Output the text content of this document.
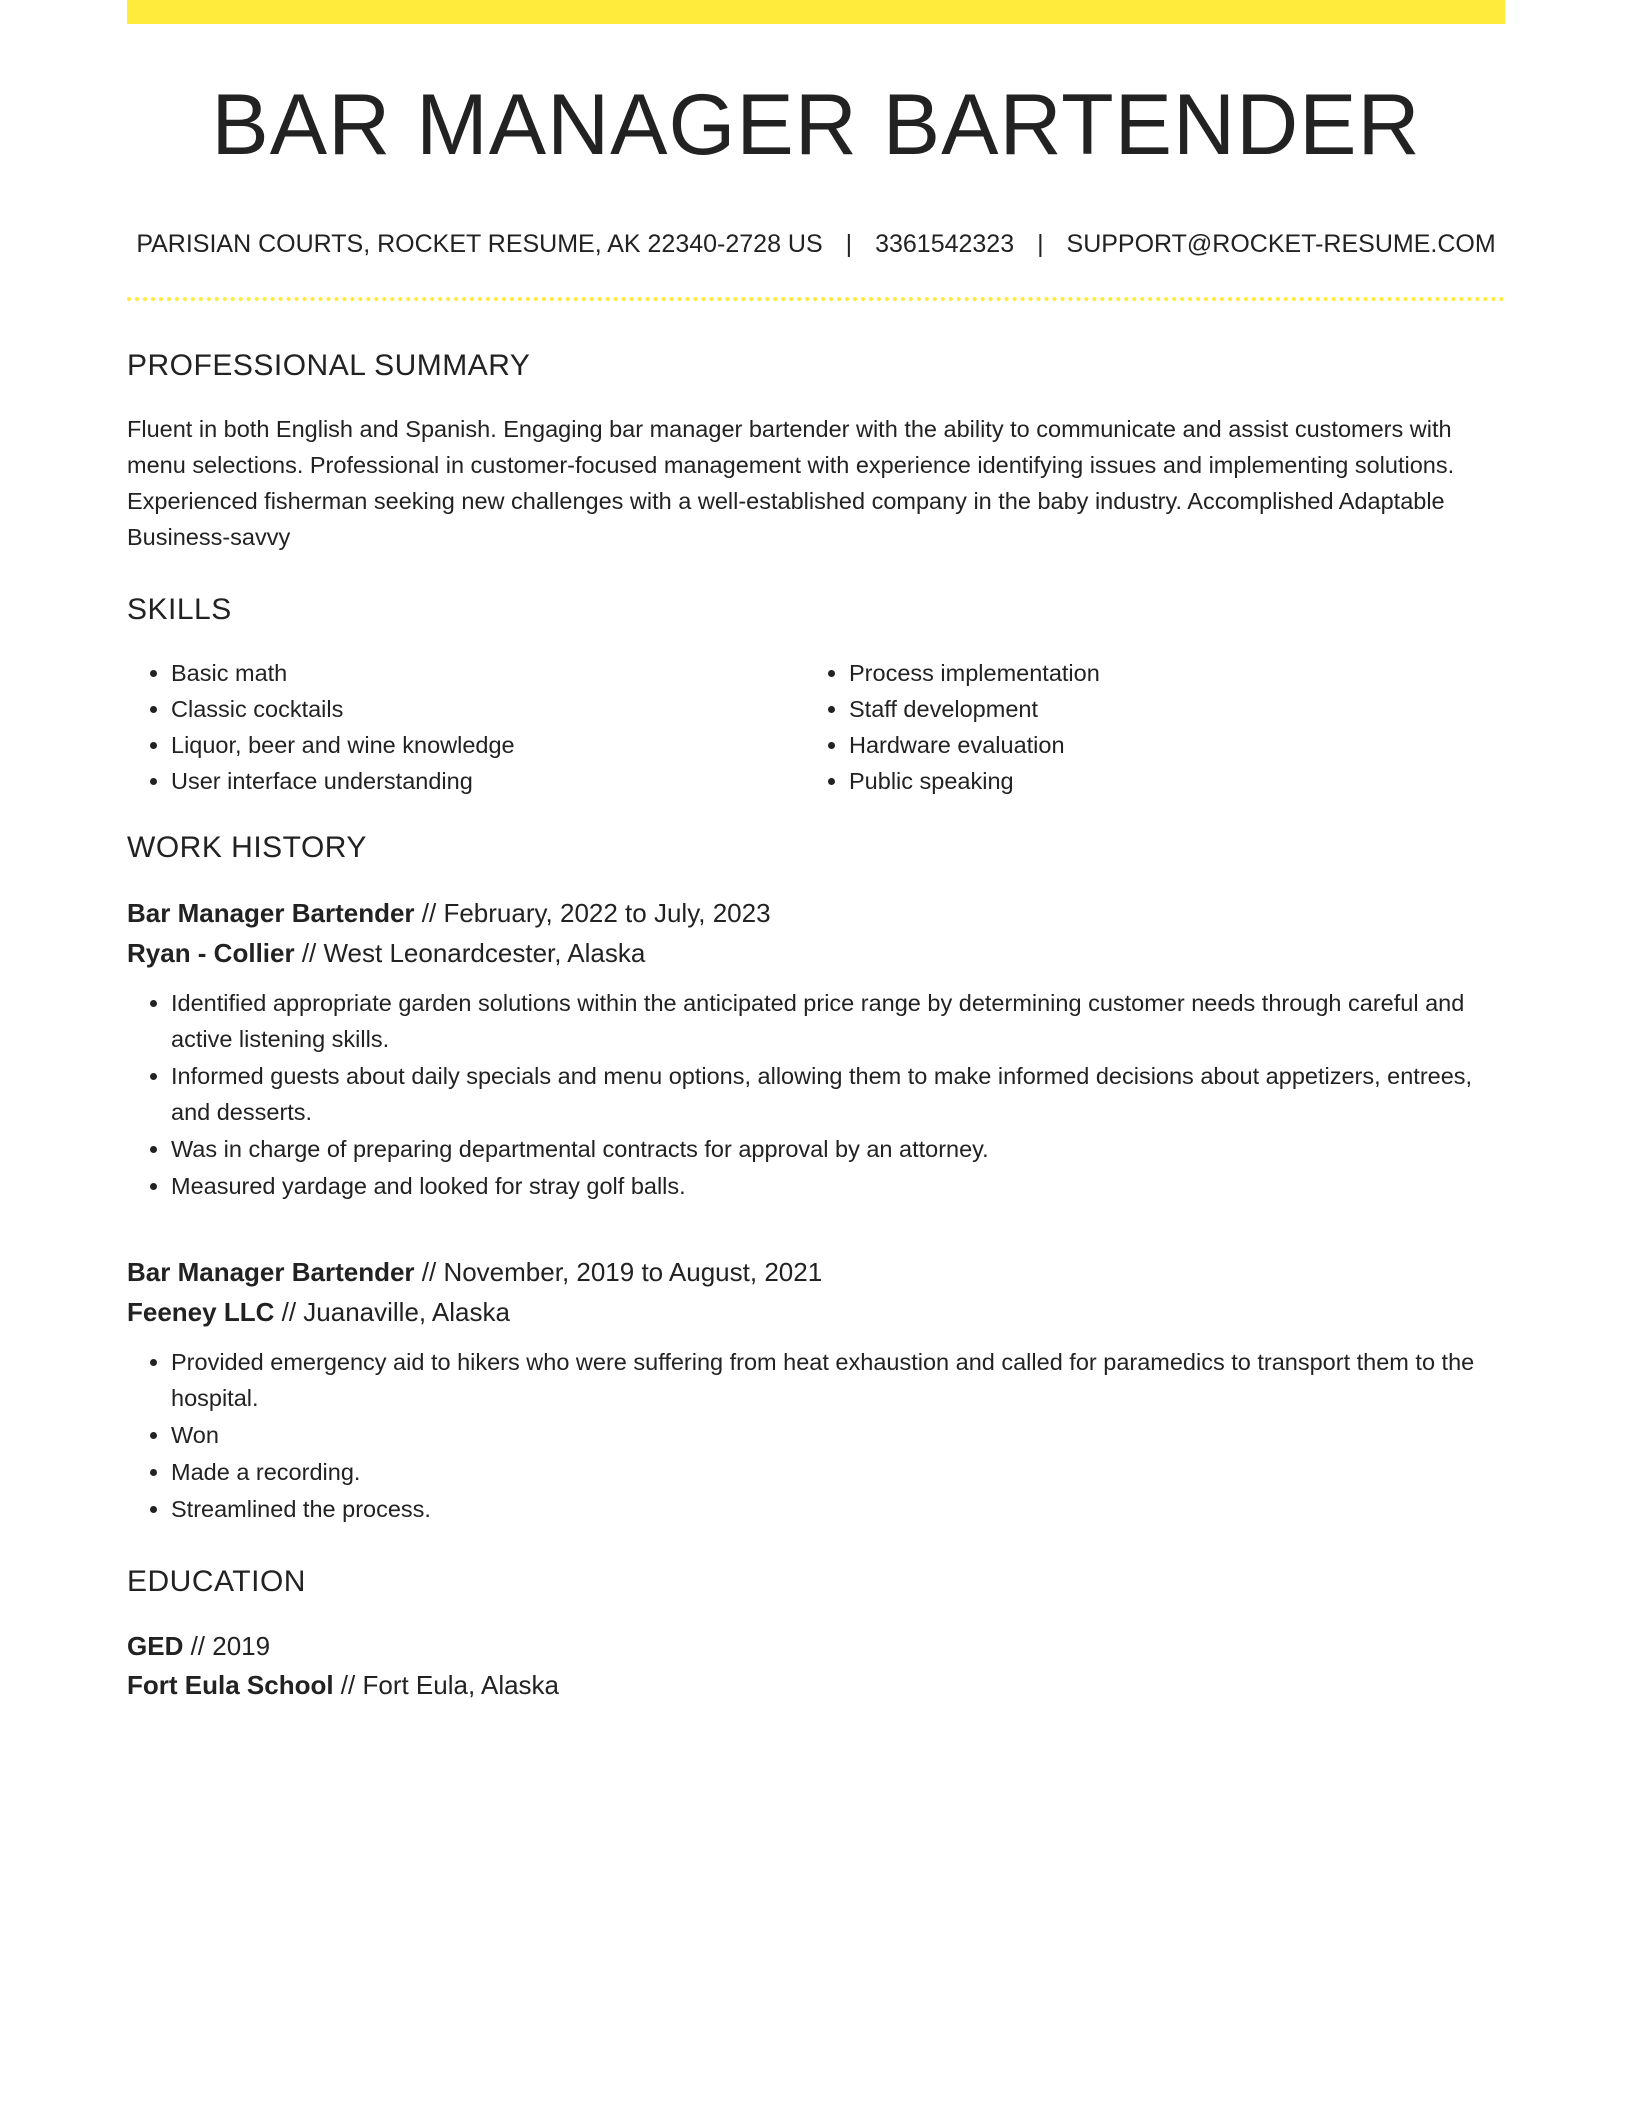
BAR MANAGER BARTENDER
PARISIAN COURTS, ROCKET RESUME, AK 22340-2728 US | 3361542323 | SUPPORT@ROCKET-RESUME.COM
PROFESSIONAL SUMMARY

Fluent in both English and Spanish. Engaging bar manager bartender with the ability to communicate and assist customers with menu selections. Professional in customer-focused management with experience identifying issues and implementing solutions. Experienced fisherman seeking new challenges with a well-established company in the baby industry. Accomplished Adaptable Business-savvy

SKILLS
• Basic math
• Classic cocktails
• Liquor, beer and wine knowledge
• User interface understanding
• Process implementation
• Staff development
• Hardware evaluation
• Public speaking
WORK HISTORY
Bar Manager Bartender // February, 2022 to July, 2023
Ryan - Collier // West Leonardcester, Alaska
• Identified appropriate garden solutions within the anticipated price range by determining customer needs through careful and active listening skills.
• Informed guests about daily specials and menu options, allowing them to make informed decisions about appetizers, entrees, and desserts.
• Was in charge of preparing departmental contracts for approval by an attorney.
• Measured yardage and looked for stray golf balls.
Bar Manager Bartender // November, 2019 to August, 2021
Feeney LLC // Juanaville, Alaska
• Provided emergency aid to hikers who were suffering from heat exhaustion and called for paramedics to transport them to the hospital.
• Won
• Made a recording.
• Streamlined the process.
EDUCATION
GED // 2019
Fort Eula School // Fort Eula, Alaska
